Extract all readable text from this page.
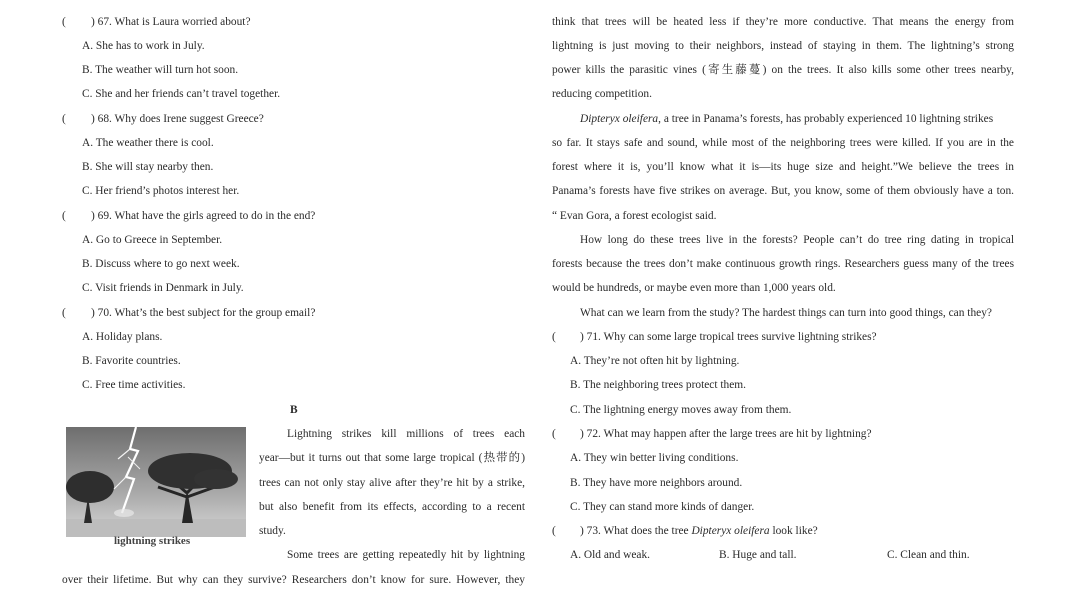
( ) 67. What is Laura worried about?
A. She has to work in July.
B. The weather will turn hot soon.
C. She and her friends can’t travel together.
( ) 68. Why does Irene suggest Greece?
A. The weather there is cool.
B. She will stay nearby then.
C. Her friend’s photos interest her.
( ) 69. What have the girls agreed to do in the end?
A. Go to Greece in September.
B. Discuss where to go next week.
C. Visit friends in Denmark in July.
( ) 70. What’s the best subject for the group email?
A. Holiday plans.
B. Favorite countries.
C. Free time activities.
B
lightning strikes
Lightning strikes kill millions of trees each
year—but it turns out that some large tropical (热带的)
trees can not only stay alive after they’re hit by a strike,
but also benefit from its effects, according to a recent
study.
Some trees are getting repeatedly hit by lightning
over their lifetime. But why can they survive? Researchers don’t know for sure. However, they
think that trees will be heated less if they’re more conductive. That means the energy from
lightning is just moving to their neighbors, instead of staying in them. The lightning’s strong
power kills the parasitic vines (寄生藤蔓) on the trees. It also kills some other trees nearby,
reducing competition.
Dipteryx oleifera, a tree in Panama’s forests, has probably experienced 10 lightning strikes
so far. It stays safe and sound, while most of the neighboring trees were killed. If you are in the
forest where it is, you’ll know what it is—its huge size and height.”We believe the trees in
Panama’s forests have five strikes on average. But, you know, some of them obviously have a ton.
“ Evan Gora, a forest ecologist said.
How long do these trees live in the forests? People can’t do tree ring dating in tropical
forests because the trees don’t make continuous growth rings. Researchers guess many of the trees
would be hundreds, or maybe even more than 1,000 years old.
What can we learn from the study? The hardest things can turn into good things, can they?
( ) 71. Why can some large tropical trees survive lightning strikes?
A. They’re not often hit by lightning.
B. The neighboring trees protect them.
C. The lightning energy moves away from them.
( ) 72. What may happen after the large trees are hit by lightning?
A. They win better living conditions.
B. They have more neighbors around.
C. They can stand more kinds of danger.
( ) 73. What does the tree Dipteryx oleifera look like?
A. Old and weak.	B. Huge and tall.	C. Clean and thin.
